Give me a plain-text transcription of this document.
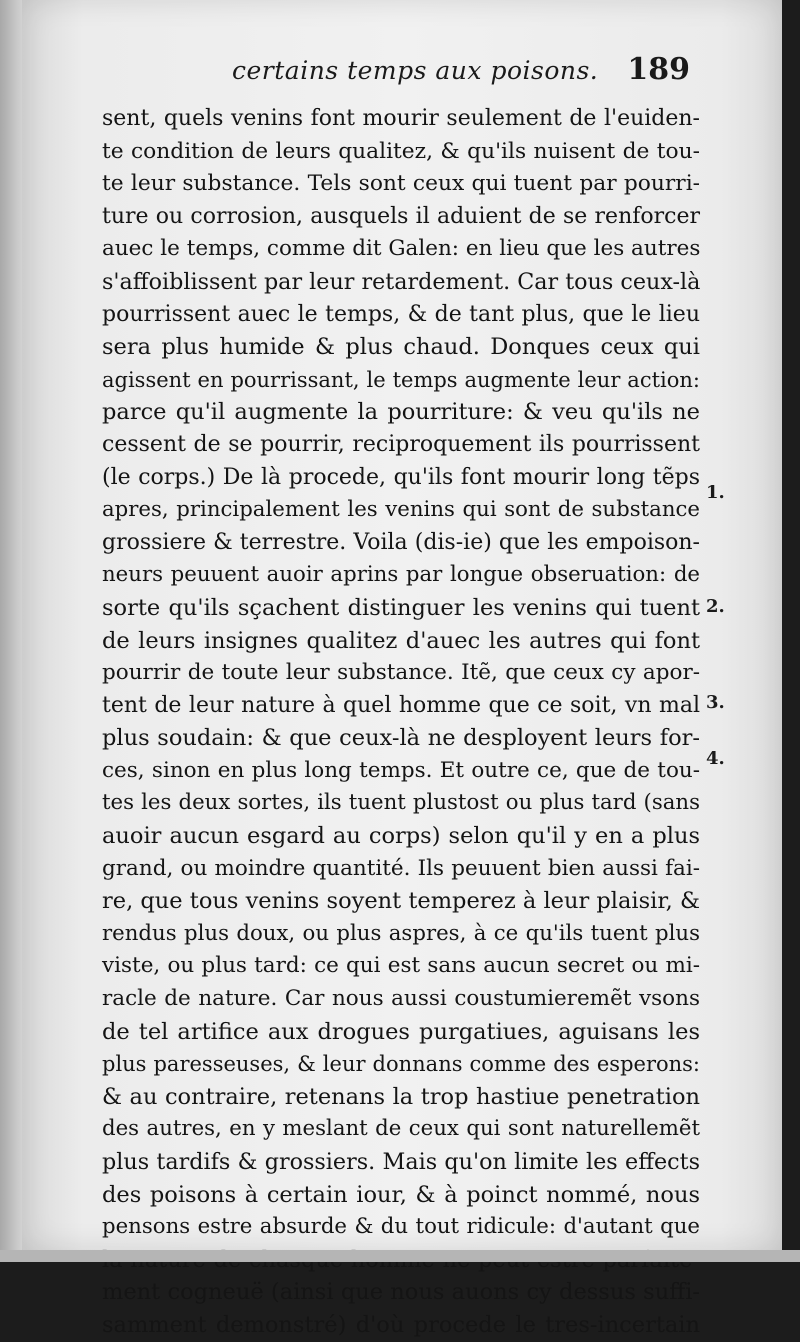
certains temps aux poisons. 189
sent, quels venins font mourir seulement de l'euiden-
te condition de leurs qualitez, & qu'ils nuisent de tou-
te leur substance. Tels sont ceux qui tuent par pourri-
ture ou corrosion, ausquels il aduient de se renforcer
auec le temps, comme dit Galen: en lieu que les autres
s'affoiblissent par leur retardement. Car tous ceux-là
pourrissent auec le temps, & de tant plus, que le lieu
sera plus humide & plus chaud. Donques ceux qui
agissent en pourrissant, le temps augmente leur action:
parce qu'il augmente la pourriture: & veu qu'ils ne
cessent de se pourrir, reciproquement ils pourrissent
(le corps.) De là procede, qu'ils font mourir long tẽps
apres, principalement les venins qui sont de substance
grossiere & terrestre. Voila (dis-ie) que les empoison-
neurs peuuent auoir aprins par longue obseruation: de
sorte qu'ils sçachent distinguer les venins qui tuent
de leurs insignes qualitez d'auec les autres qui font
pourrir de toute leur substance. Itẽ, que ceux cy apor-
tent de leur nature à quel homme que ce soit, vn mal
plus soudain: & que ceux-là ne desployent leurs for-
ces, sinon en plus long temps. Et outre ce, que de tou-
tes les deux sortes, ils tuent plustost ou plus tard (sans
auoir aucun esgard au corps) selon qu'il y en a plus
grand, ou moindre quantité. Ils peuuent bien aussi fai-
re, que tous venins soyent temperez à leur plaisir, &
rendus plus doux, ou plus aspres, à ce qu'ils tuent plus
viste, ou plus tard: ce qui est sans aucun secret ou mi-
racle de nature. Car nous aussi coustumieremẽt vsons
de tel artifice aux drogues purgatiues, aguisans les
plus paresseuses, & leur donnans comme des esperons:
& au contraire, retenans la trop hastiue penetration
des autres, en y meslant de ceux qui sont naturellemẽt
plus tardifs & grossiers. Mais qu'on limite les effects
des poisons à certain iour, & à poinct nommé, nous
pensons estre absurde & du tout ridicule: d'autant que
ment cogneuë (ainsi que nous auons cy dessus suffi-
samment demonstré) d'où procede le tres-incertain
1.
2.
3.
4.
